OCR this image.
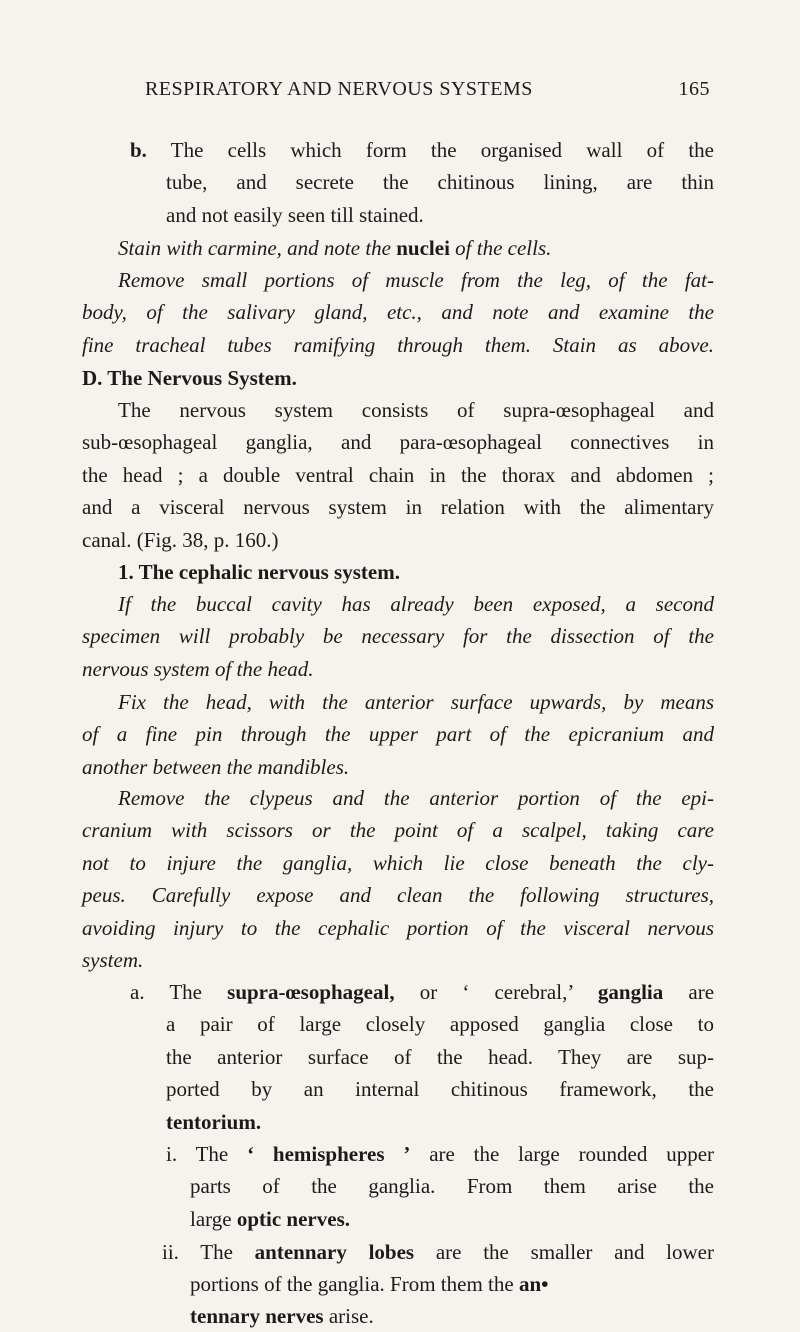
RESPIRATORY AND NERVOUS SYSTEMS	165
b. The cells which form the organised wall of the
tube, and secrete the chitinous lining, are thin
and not easily seen till stained.
Stain with carmine, and note the nuclei of the cells.
Remove small portions of muscle from the leg, of the fat-
body, of the salivary gland, etc., and note and examine the
fine tracheal tubes ramifying through them. Stain as above.
D. The Nervous System.
The nervous system consists of supra-œsophageal and
sub-œsophageal ganglia, and para-œsophageal connectives in
the head ; a double ventral chain in the thorax and abdomen ;
and a visceral nervous system in relation with the alimentary
canal. (Fig. 38, p. 160.)
1. The cephalic nervous system.
If the buccal cavity has already been exposed, a second
specimen will probably be necessary for the dissection of the
nervous system of the head.
Fix the head, with the anterior surface upwards, by means
of a fine pin through the upper part of the epicranium and
another between the mandibles.
Remove the clypeus and the anterior portion of the epi-
cranium with scissors or the point of a scalpel, taking care
not to injure the ganglia, which lie close beneath the cly-
peus. Carefully expose and clean the following structures,
avoiding injury to the cephalic portion of the visceral nervous
system.
a. The supra-œsophageal, or ‘ cerebral,’ ganglia are
a pair of large closely apposed ganglia close to
the anterior surface of the head. They are sup-
ported by an internal chitinous framework, the
tentorium.
i. The ‘ hemispheres ’ are the large rounded upper
parts of the ganglia. From them arise the
large optic nerves.
ii. The antennary lobes are the smaller and lower
portions of the ganglia. From them the an•
tennary nerves arise.
